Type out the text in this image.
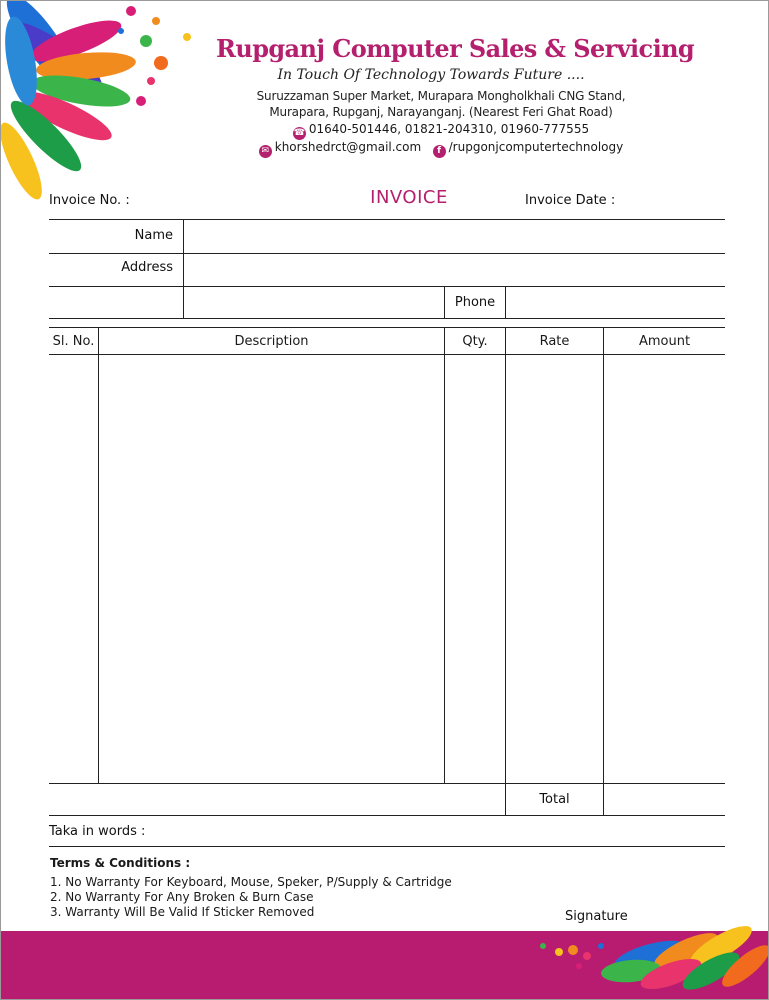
Rupganj Computer Sales & Servicing
In Touch Of Technology Towards Future ....
Suruzzaman Super Market, Murapara Mongholkhali CNG Stand,
Murapara, Rupganj, Narayanganj. (Nearest Feri Ghat Road)
☎ 01640-501446, 01821-204310, 01960-777555
✉ khorshedrct@gmail.com f /rupgonjcomputertechnology
Invoice No. :	INVOICE	Invoice Date :
Name
Address
Phone
Sl. No.	Description	Qty.	Rate	Amount
Total
Taka in words :
Terms & Conditions :
1. No Warranty For Keyboard, Mouse, Speker, P/Supply & Cartridge
2. No Warranty For Any Broken & Burn Case
3. Warranty Will Be Valid If Sticker Removed	Signature
